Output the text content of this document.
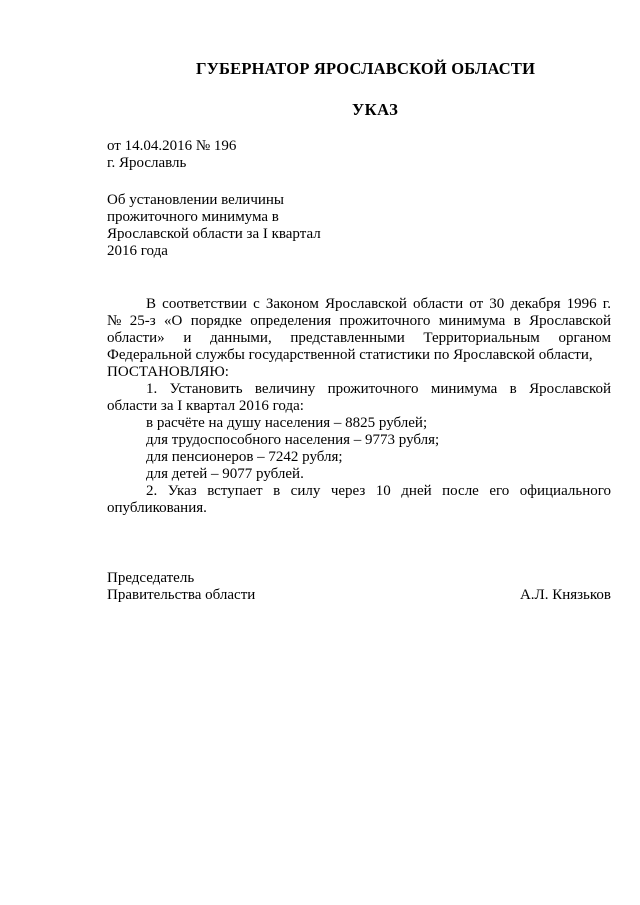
ГУБЕРНАТОР ЯРОСЛАВСКОЙ ОБЛАСТИ
УКАЗ
от 14.04.2016 № 196
г. Ярославль
Об установлении величины
прожиточного минимума в
Ярославской области за I квартал
2016 года
В соответствии с Законом Ярославской области от 30 декабря 1996 г.
№ 25-з «О порядке определения прожиточного минимума в Ярославской
области» и данными, представленными Территориальным органом
Федеральной службы государственной статистики по Ярославской области,
ПОСТАНОВЛЯЮ:
1. Установить величину прожиточного минимума в Ярославской
области за I квартал 2016 года:
в расчёте на душу населения – 8825 рублей;
для трудоспособного населения – 9773 рубля;
для пенсионеров – 7242 рубля;
для детей – 9077 рублей.
2. Указ вступает в силу через 10 дней после его официального
опубликования.
Председатель
Правительства области	А.Л. Князьков
